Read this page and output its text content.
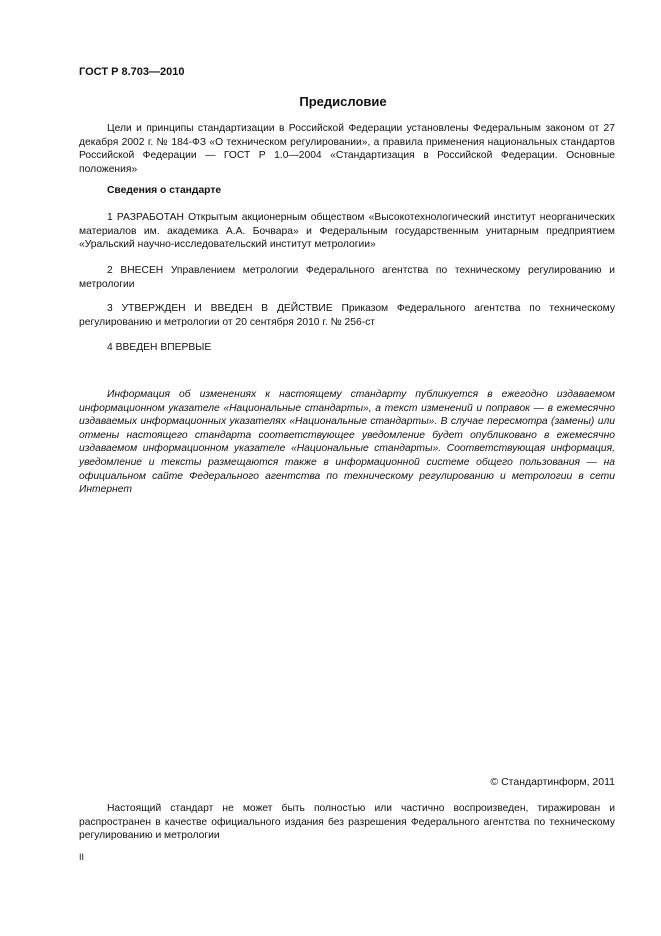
ГОСТ Р 8.703—2010
Предисловие
Цели и принципы стандартизации в Российской Федерации установлены Федеральным законом от 27 декабря 2002 г. № 184-ФЗ «О техническом регулировании», а правила применения национальных стандартов Российской Федерации — ГОСТ Р 1.0—2004 «Стандартизация в Российской Федерации. Основные положения»
Сведения о стандарте
1 РАЗРАБОТАН Открытым акционерным обществом «Высокотехнологический институт неорганических материалов им. академика А.А. Бочвара» и Федеральным государственным унитарным предприятием «Уральский научно-исследовательский институт метрологии»
2 ВНЕСЕН Управлением метрологии Федерального агентства по техническому регулированию и метрологии
3 УТВЕРЖДЕН И ВВЕДЕН В ДЕЙСТВИЕ Приказом Федерального агентства по техническому регулированию и метрологии от 20 сентября 2010 г. № 256-ст
4 ВВЕДЕН ВПЕРВЫЕ
Информация об изменениях к настоящему стандарту публикуется в ежегодно издаваемом информационном указателе «Национальные стандарты», а текст изменений и поправок — в ежемесячно издаваемых информационных указателях «Национальные стандарты». В случае пересмотра (замены) или отмены настоящего стандарта соответствующее уведомление будет опубликовано в ежемесячно издаваемом информационном указателе «Национальные стандарты». Соответствующая информация, уведомление и тексты размещаются также в информационной системе общего пользования — на официальном сайте Федерального агентства по техническому регулированию и метрологии в сети Интернет
© Стандартинформ, 2011
Настоящий стандарт не может быть полностью или частично воспроизведен, тиражирован и распространен в качестве официального издания без разрешения Федерального агентства по техническому регулированию и метрологии
II
